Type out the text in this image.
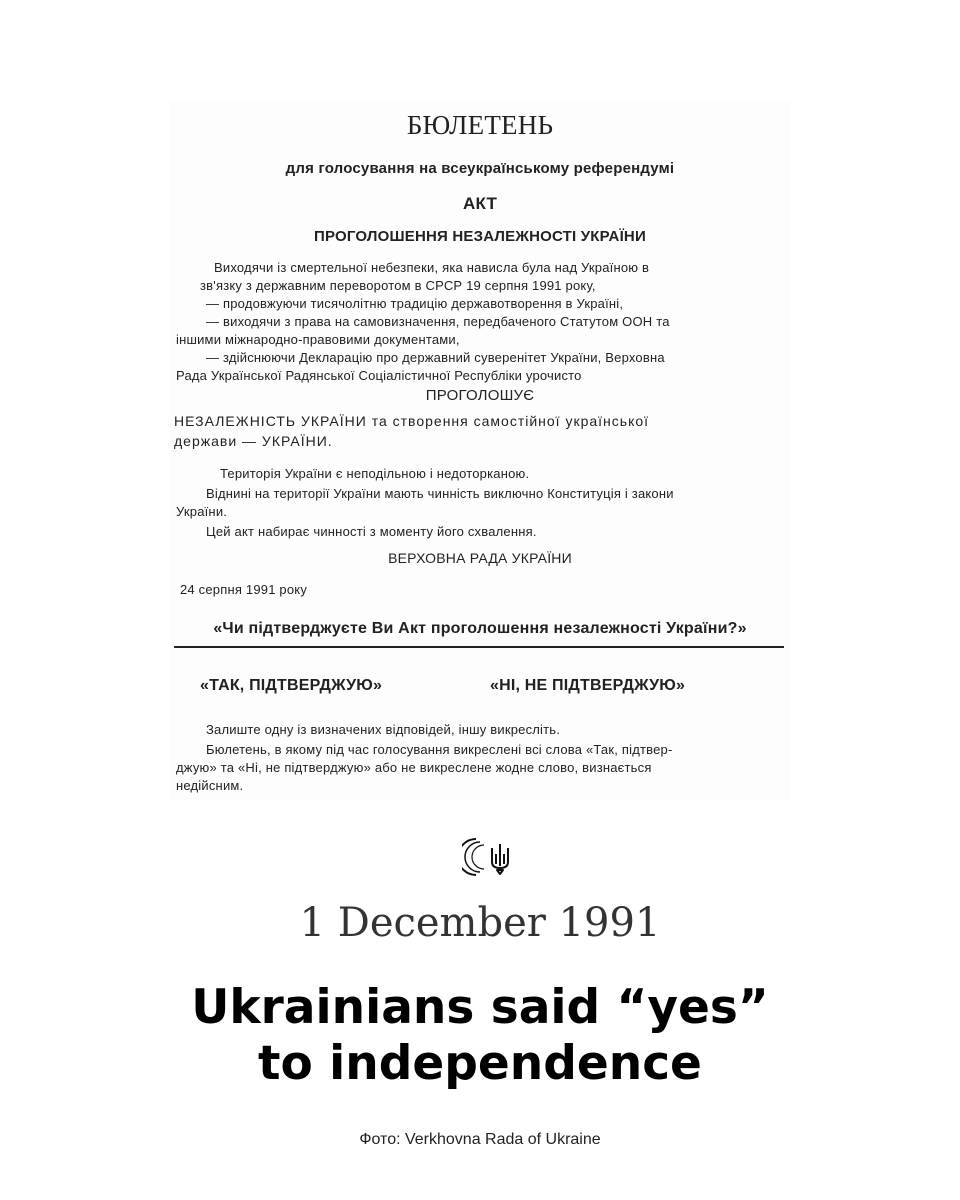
БЮЛЕТЕНЬ
для голосування на всеукраїнському референдумі
АКТ
ПРОГОЛОШЕННЯ НЕЗАЛЕЖНОСТІ УКРАЇНИ
Виходячи із смертельної небезпеки, яка нависла була над Україною в
зв'язку з державним переворотом в СРСР 19 серпня 1991 року,
— продовжуючи тисячолітню традицію державотворення в Україні,
— виходячи з права на самовизначення, передбаченого Статутом ООН та
іншими міжнародно-правовими документами,
— здійснюючи Декларацію про державний суверенітет України, Верховна
Рада Української Радянської Соціалістичної Республіки урочисто
ПРОГОЛОШУЄ
НЕЗАЛЕЖНІСТЬ УКРАЇНИ та створення самостійної української
держави — УКРАЇНИ.
Територія України є неподільною і недоторканою.
Віднині на території України мають чинність виключно Конституція і закони
України.
Цей акт набирає чинності з моменту його схвалення.
ВЕРХОВНА РАДА УКРАЇНИ
24 серпня 1991 року
«Чи підтверджуєте Ви Акт проголошення незалежності України?»
«ТАК, ПІДТВЕРДЖУЮ»	«НІ, НЕ ПІДТВЕРДЖУЮ»
Залиште одну із визначених відповідей, іншу викресліть.
Бюлетень, в якому під час голосування викреслені всі слова «Так, підтвер-
джую» та «Ні, не підтверджую» або не викреслене жодне слово, визнається
недійсним.
1 December 1991
Ukrainians said “yes”
to independence
Фото: Verkhovna Rada of Ukraine
